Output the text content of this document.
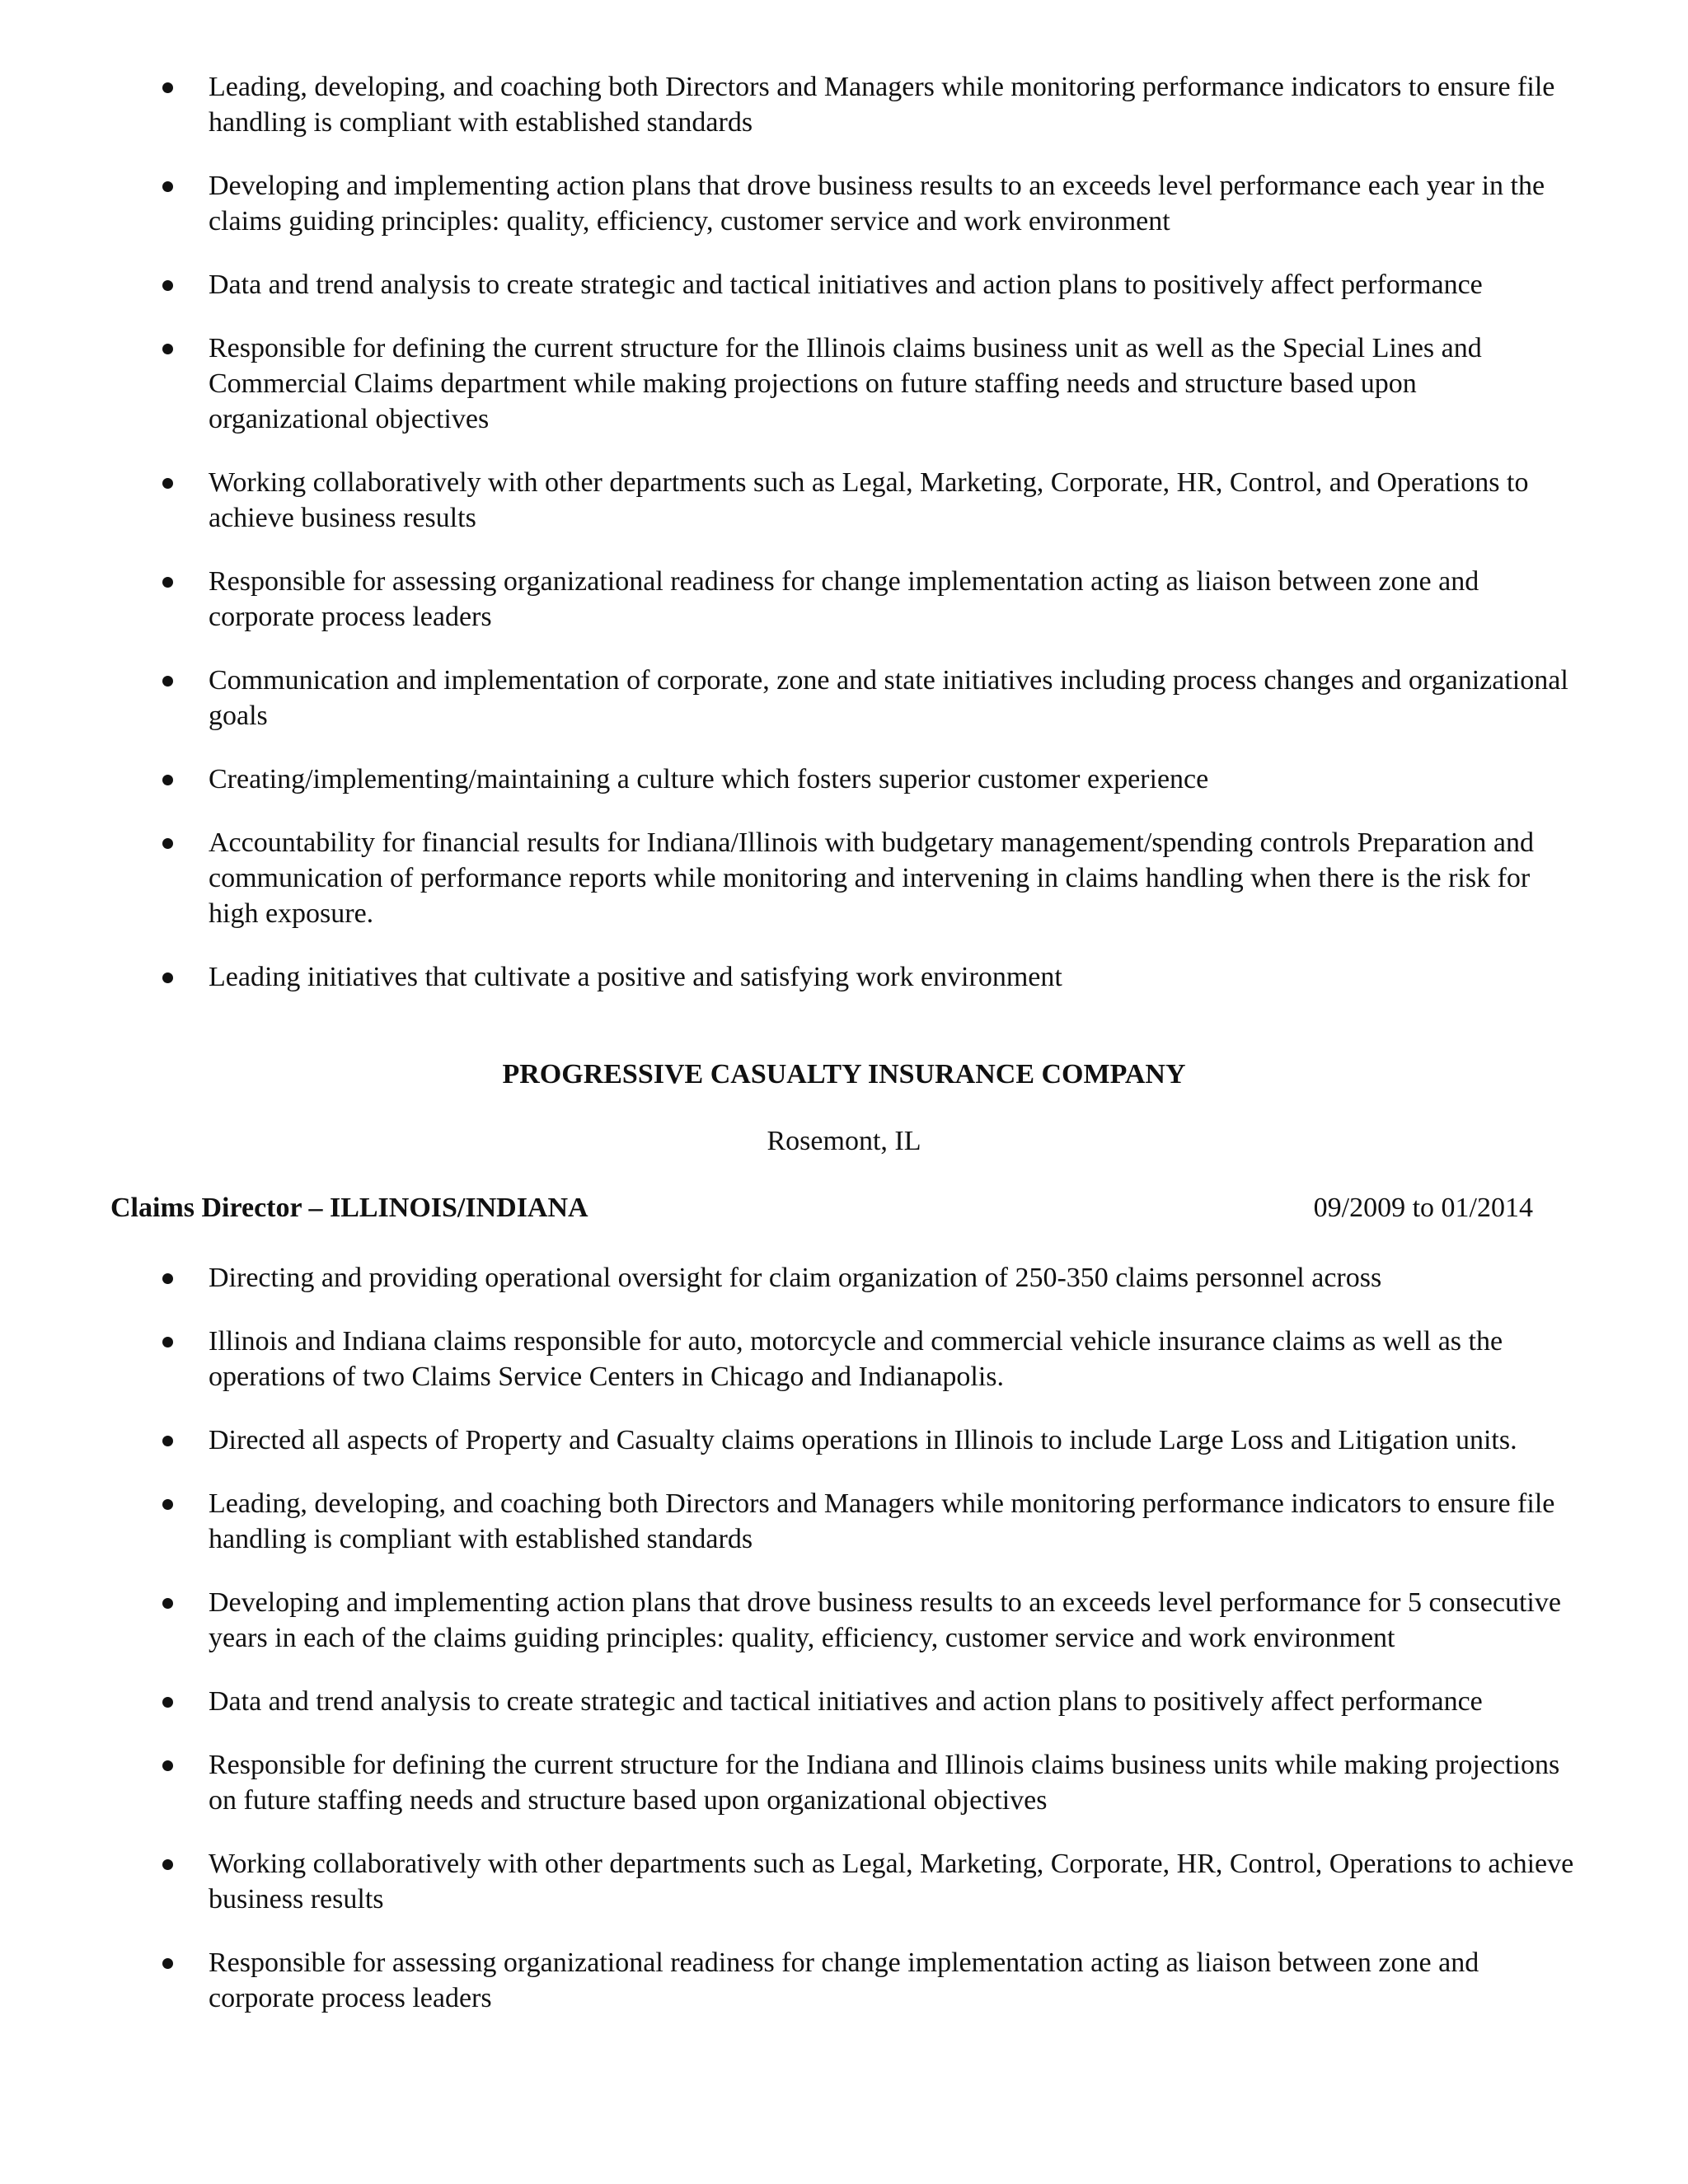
Leading, developing, and coaching both Directors and Managers while monitoring performance indicators to ensure file handling is compliant with established standards
Developing and implementing action plans that drove business results to an exceeds level performance each year in the claims guiding principles: quality, efficiency, customer service and work environment
Data and trend analysis to create strategic and tactical initiatives and action plans to positively affect performance
Responsible for defining the current structure for the Illinois claims business unit as well as the Special Lines and Commercial Claims department while making projections on future staffing needs and structure based upon organizational objectives
Working collaboratively with other departments such as Legal, Marketing, Corporate, HR, Control, and Operations to achieve business results
Responsible for assessing organizational readiness for change implementation acting as liaison between zone and corporate process leaders
Communication and implementation of corporate, zone and state initiatives including process changes and organizational goals
Creating/implementing/maintaining a culture which fosters superior customer experience
Accountability for financial results for Indiana/Illinois with budgetary management/spending controls Preparation and communication of performance reports while monitoring and intervening in claims handling when there is the risk for high exposure.
Leading initiatives that cultivate a positive and satisfying work environment
PROGRESSIVE CASUALTY INSURANCE COMPANY
Rosemont, IL
Claims Director – ILLINOIS/INDIANA	09/2009 to 01/2014
Directing and providing operational oversight for claim organization of 250-350 claims personnel across
Illinois and Indiana claims responsible for auto, motorcycle and commercial vehicle insurance claims as well as the operations of two Claims Service Centers in Chicago and Indianapolis.
Directed all aspects of Property and Casualty claims operations in Illinois to include Large Loss and Litigation units.
Leading, developing, and coaching both Directors and Managers while monitoring performance indicators to ensure file handling is compliant with established standards
Developing and implementing action plans that drove business results to an exceeds level performance for 5 consecutive years in each of the claims guiding principles: quality, efficiency, customer service and work environment
Data and trend analysis to create strategic and tactical initiatives and action plans to positively affect performance
Responsible for defining the current structure for the Indiana and Illinois claims business units while making projections on future staffing needs and structure based upon organizational objectives
Working collaboratively with other departments such as Legal, Marketing, Corporate, HR, Control, Operations to achieve business results
Responsible for assessing organizational readiness for change implementation acting as liaison between zone and corporate process leaders
